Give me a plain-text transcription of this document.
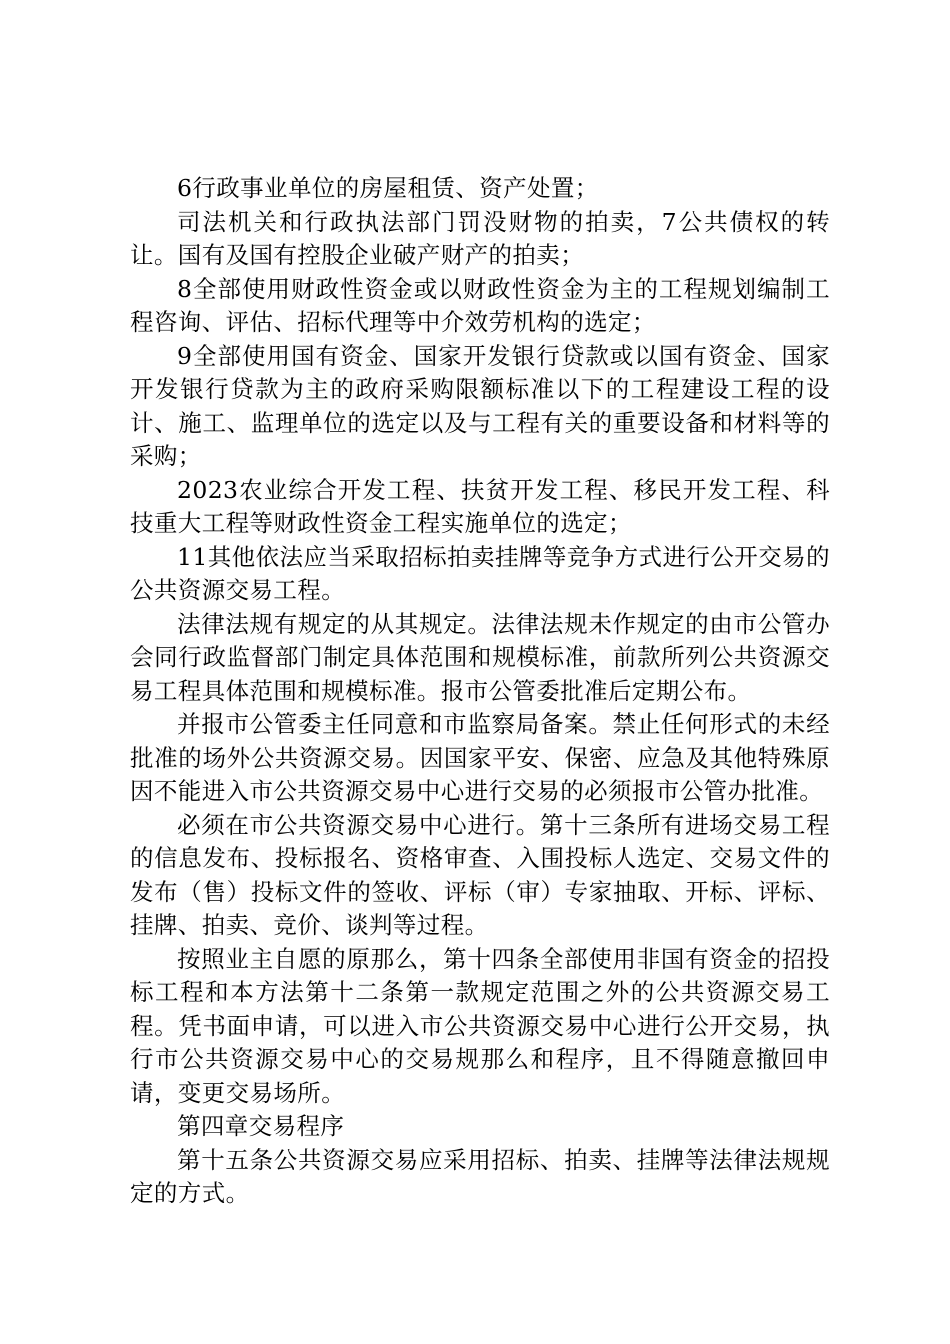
6行政事业单位的房屋租赁、资产处置；

司法机关和行政执法部门罚没财物的拍卖，7公共债权的转让。国有及国有控股企业破产财产的拍卖；

8全部使用财政性资金或以财政性资金为主的工程规划编制工程咨询、评估、招标代理等中介效劳机构的选定；

9全部使用国有资金、国家开发银行贷款或以国有资金、国家开发银行贷款为主的政府采购限额标准以下的工程建设工程的设计、施工、监理单位的选定以及与工程有关的重要设备和材料等的采购；

2023农业综合开发工程、扶贫开发工程、移民开发工程、科技重大工程等财政性资金工程实施单位的选定；

11其他依法应当采取招标拍卖挂牌等竞争方式进行公开交易的公共资源交易工程。

法律法规有规定的从其规定。法律法规未作规定的由市公管办会同行政监督部门制定具体范围和规模标准，前款所列公共资源交易工程具体范围和规模标准。报市公管委批准后定期公布。

并报市公管委主任同意和市监察局备案。禁止任何形式的未经批准的场外公共资源交易。因国家平安、保密、应急及其他特殊原因不能进入市公共资源交易中心进行交易的必须报市公管办批准。

必须在市公共资源交易中心进行。第十三条所有进场交易工程的信息发布、投标报名、资格审查、入围投标人选定、交易文件的发布（售）投标文件的签收、评标（审）专家抽取、开标、评标、挂牌、拍卖、竞价、谈判等过程。

按照业主自愿的原那么，第十四条全部使用非国有资金的招投标工程和本方法第十二条第一款规定范围之外的公共资源交易工程。凭书面申请，可以进入市公共资源交易中心进行公开交易，执行市公共资源交易中心的交易规那么和程序，且不得随意撤回申请，变更交易场所。

第四章交易程序

第十五条公共资源交易应采用招标、拍卖、挂牌等法律法规规定的方式。
